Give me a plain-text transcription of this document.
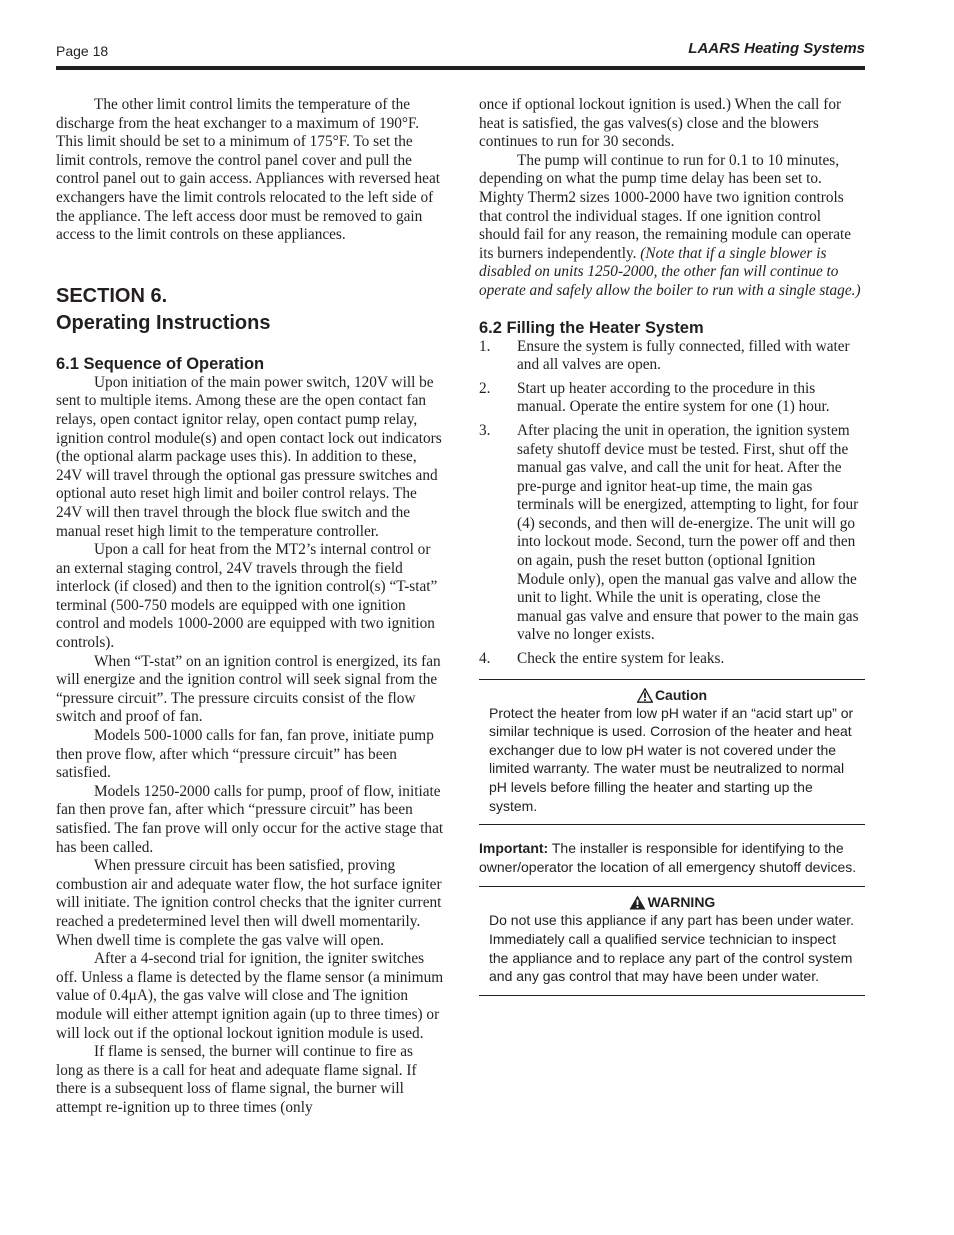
Page 18	LAARS Heating Systems

The other limit control limits the temperature of the discharge from the heat exchanger to a maximum of 190°F. This limit should be set to a minimum of 175°F. To set the limit controls, remove the control panel cover and pull the control panel out to gain access. Appliances with reversed heat exchangers have the limit controls relocated to the left side of the appliance. The left access door must be removed to gain access to the limit controls on these appliances.

SECTION 6.
Operating Instructions
6.1 Sequence of Operation

Upon initiation of the main power switch, 120V will be sent to multiple items. Among these are the open contact fan relays, open contact ignitor relay, open contact pump relay, ignition control module(s) and open contact lock out indicators (the optional alarm package uses this). In addition to these, 24V will travel through the optional gas pressure switches and optional auto reset high limit and boiler control relays. The 24V will then travel through the block flue switch and the manual reset high limit to the temperature controller.

Upon a call for heat from the MT2’s internal control or an external staging control, 24V travels through the field interlock (if closed) and then to the ignition control(s) “T-stat” terminal (500-750 models are equipped with one ignition control and models 1000-2000 are equipped with two ignition controls).

When “T-stat” on an ignition control is energized, its fan will energize and the ignition control will seek signal from the “pressure circuit”. The pressure circuits consist of the flow switch and proof of fan.

Models 500-1000 calls for fan, fan prove, initiate pump then prove flow, after which “pressure circuit” has been satisfied.

Models 1250-2000 calls for pump, proof of flow, initiate fan then prove fan, after which “pressure circuit” has been satisfied. The fan prove will only occur for the active stage that has been called.

When pressure circuit has been satisfied, proving combustion air and adequate water flow, the hot surface igniter will initiate. The ignition control checks that the igniter current reached a predetermined level then will dwell momentarily. When dwell time is complete the gas valve will open.

After a 4-second trial for ignition, the igniter switches off. Unless a flame is detected by the flame sensor (a minimum value of 0.4μA), the gas valve will close and The ignition module will either attempt ignition again (up to three times) or will lock out if the optional lockout ignition module is used.

If flame is sensed, the burner will continue to fire as long as there is a call for heat and adequate flame signal. If there is a subsequent loss of flame signal, the burner will attempt re-ignition up to three times (only

once if optional lockout ignition is used.) When the call for heat is satisfied, the gas valves(s) close and the blowers continues to run for 30 seconds.

The pump will continue to run for 0.1 to 10 minutes, depending on what the pump time delay has been set to. Mighty Therm2 sizes 1000-2000 have two ignition controls that control the individual stages. If one ignition control should fail for any reason, the remaining module can operate its burners independently. (Note that if a single blower is disabled on units 1250-2000, the other fan will continue to operate and safely allow the boiler to run with a single stage.)

6.2 Filling the Heater System
1. Ensure the system is fully connected, filled with water and all valves are open.
2. Start up heater according to the procedure in this manual. Operate the entire system for one (1) hour.
3. After placing the unit in operation, the ignition system safety shutoff device must be tested. First, shut off the manual gas valve, and call the unit for heat. After the pre-purge and ignitor heat-up time, the main gas terminals will be energized, attempting to light, for four (4) seconds, and then will de-energize. The unit will go into lockout mode. Second, turn the power off and then on again, push the reset button (optional Ignition Module only), open the manual gas valve and allow the unit to light. While the unit is operating, close the manual gas valve and ensure that power to the main gas valve no longer exists.
4. Check the entire system for leaks.
Caution
Protect the heater from low pH water if an “acid start up” or similar technique is used. Corrosion of the heater and heat exchanger due to low pH water is not covered under the limited warranty. The water must be neutralized to normal pH levels before filling the heater and starting up the system.
Important: The installer is responsible for identifying to the owner/operator the location of all emergency shutoff devices.
WARNING
Do not use this appliance if any part has been under water. Immediately call a qualified service technician to inspect the appliance and to replace any part of the control system and any gas control that may have been under water.
